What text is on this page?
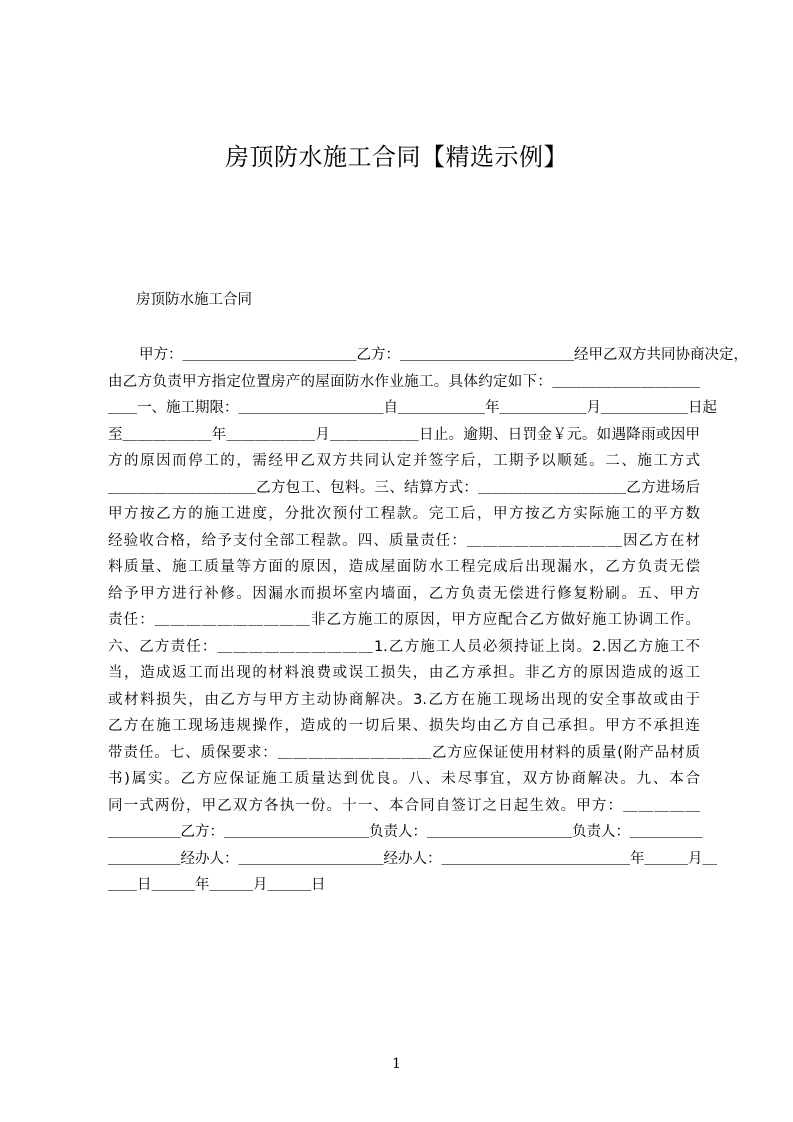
房顶防水施工合同【精选示例】

房顶防水施工合同

甲方：＿＿＿＿＿＿＿＿＿＿＿＿乙方：＿＿＿＿＿＿＿＿＿＿＿＿经甲乙双方共同协商决定，
由乙方负责甲方指定位置房产的屋面防水作业施工。具体约定如下：＿＿＿＿＿＿＿＿＿＿
＿＿一、施工期限：＿＿＿＿＿＿＿＿＿＿自＿＿＿＿＿＿年＿＿＿＿＿＿月＿＿＿＿＿＿日起
至＿＿＿＿＿＿年＿＿＿＿＿＿月＿＿＿＿＿＿日止。逾期、日罚金￥元。如遇降雨或因甲
方的原因而停工的，需经甲乙双方共同认定并签字后，工期予以顺延。二、施工方式
＿＿＿＿＿＿＿＿＿＿乙方包工、包料。三、结算方式：＿＿＿＿＿＿＿＿＿＿乙方进场后
甲方按乙方的施工进度，分批次预付工程款。完工后，甲方按乙方实际施工的平方数
经验收合格，给予支付全部工程款。四、质量责任：＿＿＿＿＿＿＿＿＿＿因乙方在材
料质量、施工质量等方面的原因，造成屋面防水工程完成后出现漏水，乙方负责无偿
给予甲方进行补修。因漏水而损坏室内墙面，乙方负责无偿进行修复粉刷。五、甲方
责任：＿＿＿＿＿＿＿＿＿＿非乙方施工的原因，甲方应配合乙方做好施工协调工作。
六、乙方责任：＿＿＿＿＿＿＿＿＿＿1.乙方施工人员必须持证上岗。2.因乙方施工不
当，造成返工而出现的材料浪费或误工损失，由乙方承担。非乙方的原因造成的返工
或材料损失，由乙方与甲方主动协商解决。3.乙方在施工现场出现的安全事故或由于
乙方在施工现场违规操作，造成的一切后果、损失均由乙方自己承担。甲方不承担连
带责任。七、质保要求：＿＿＿＿＿＿＿＿＿＿乙方应保证使用材料的质量(附产品材质
书)属实。乙方应保证施工质量达到优良。八、未尽事宜，双方协商解决。九、本合
同一式两份，甲乙双方各执一份。十一、本合同自签订之日起生效。甲方：＿＿＿＿＿
＿＿＿＿＿乙方：＿＿＿＿＿＿＿＿＿＿负责人：＿＿＿＿＿＿＿＿＿＿负责人：＿＿＿＿＿
＿＿＿＿＿经办人：＿＿＿＿＿＿＿＿＿＿经办人：＿＿＿＿＿＿＿＿＿＿＿＿＿年＿＿＿月＿
＿＿日＿＿＿年＿＿＿月＿＿＿日
1
